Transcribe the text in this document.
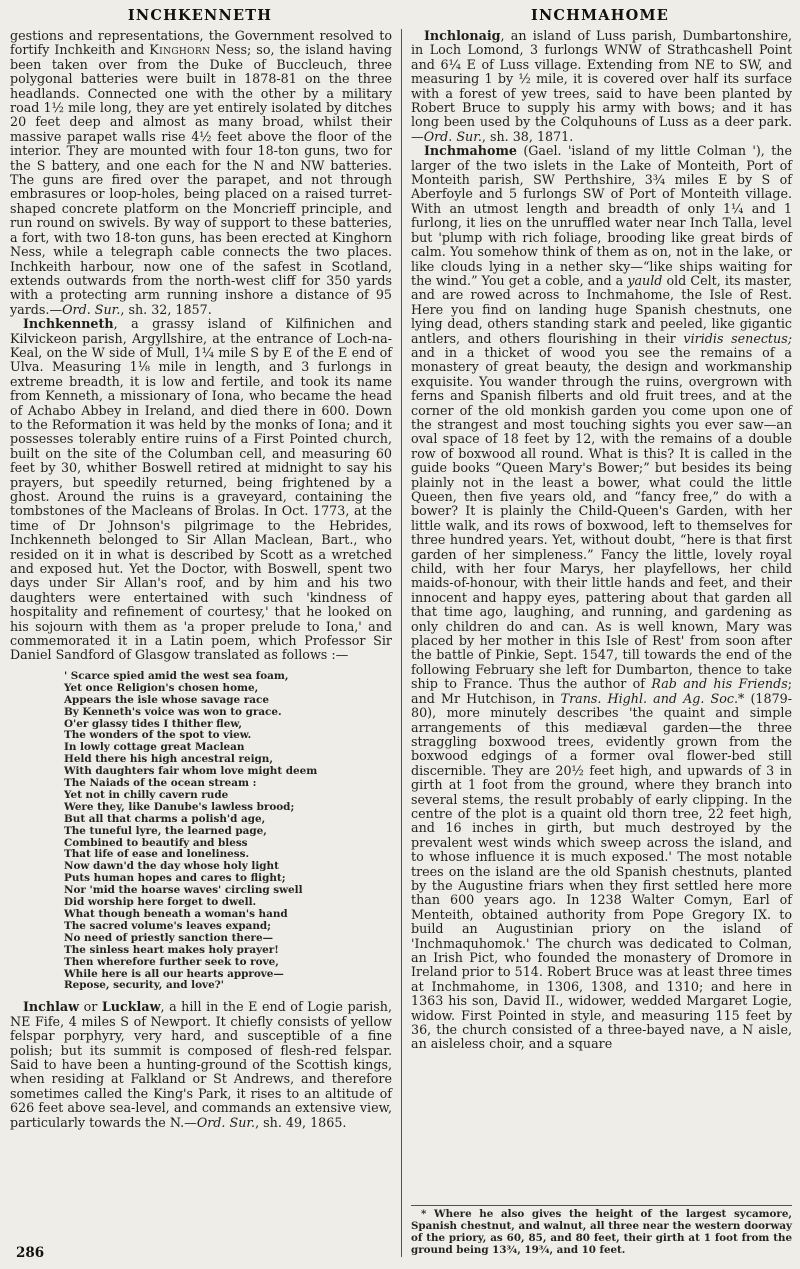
INCHKENNETH	INCHMAHOME

gestions and representations, the Government resolved to fortify Inchkeith and Kinghorn Ness; so, the island having been taken over from the Duke of Buccleuch, three polygonal batteries were built in 1878-81 on the three headlands. Connected one with the other by a military road 1½ mile long, they are yet entirely isolated by ditches 20 feet deep and almost as many broad, whilst their massive parapet walls rise 4½ feet above the floor of the interior. They are mounted with four 18-ton guns, two for the S battery, and one each for the N and NW batteries. The guns are fired over the parapet, and not through embrasures or loop-holes, being placed on a raised turret-shaped concrete platform on the Moncrieff principle, and run round on swivels. By way of support to these batteries, a fort, with two 18-ton guns, has been erected at Kinghorn Ness, while a telegraph cable connects the two places. Inchkeith harbour, now one of the safest in Scotland, extends outwards from the north-west cliff for 350 yards with a protecting arm running inshore a distance of 95 yards.—Ord. Sur., sh. 32, 1857.

Inchkenneth, a grassy island of Kilfinichen and Kilvickeon parish, Argyllshire, at the entrance of Loch-na-Keal, on the W side of Mull, 1¼ mile S by E of the E end of Ulva. Measuring 1⅛ mile in length, and 3 furlongs in extreme breadth, it is low and fertile, and took its name from Kenneth, a missionary of Iona, who became the head of Achabo Abbey in Ireland, and died there in 600. Down to the Reformation it was held by the monks of Iona; and it possesses tolerably entire ruins of a First Pointed church, built on the site of the Columban cell, and measuring 60 feet by 30, whither Boswell retired at midnight to say his prayers, but speedily returned, being frightened by a ghost. Around the ruins is a graveyard, containing the tombstones of the Macleans of Brolas. In Oct. 1773, at the time of Dr Johnson's pilgrimage to the Hebrides, Inchkenneth belonged to Sir Allan Maclean, Bart., who resided on it in what is described by Scott as a wretched and exposed hut. Yet the Doctor, with Boswell, spent two days under Sir Allan's roof, and by him and his two daughters were entertained with such 'kindness of hospitality and refinement of courtesy,' that he looked on his sojourn with them as 'a proper prelude to Iona,' and commemorated it in a Latin poem, which Professor Sir Daniel Sandford of Glasgow translated as follows :—

' Scarce spied amid the west sea foam,
Yet once Religion's chosen home,
Appears the isle whose savage race
By Kenneth's voice was won to grace.
O'er glassy tides I thither flew,
The wonders of the spot to view.
In lowly cottage great Maclean
Held there his high ancestral reign,
With daughters fair whom love might deem
The Naiads of the ocean stream :
Yet not in chilly cavern rude
Were they, like Danube's lawless brood;
But all that charms a polish'd age,
The tuneful lyre, the learned page,
Combined to beautify and bless
That life of ease and loneliness.
Now dawn'd the day whose holy light
Puts human hopes and cares to flight;
Nor 'mid the hoarse waves' circling swell
Did worship here forget to dwell.
What though beneath a woman's hand
The sacred volume's leaves expand;
No need of priestly sanction there—
The sinless heart makes holy prayer!
Then wherefore further seek to rove,
While here is all our hearts approve—
Repose, security, and love?'

Inchlaw or Lucklaw, a hill in the E end of Logie parish, NE Fife, 4 miles S of Newport. It chiefly consists of yellow felspar porphyry, very hard, and susceptible of a fine polish; but its summit is composed of flesh-red felspar. Said to have been a hunting-ground of the Scottish kings, when residing at Falkland or St Andrews, and therefore sometimes called the King's Park, it rises to an altitude of 626 feet above sea-level, and commands an extensive view, particularly towards the N.—Ord. Sur., sh. 49, 1865.

Inchlonaig, an island of Luss parish, Dumbartonshire, in Loch Lomond, 3 furlongs WNW of Strathcashell Point and 6¼ E of Luss village. Extending from NE to SW, and measuring 1 by ½ mile, it is covered over half its surface with a forest of yew trees, said to have been planted by Robert Bruce to supply his army with bows; and it has long been used by the Colquhouns of Luss as a deer park.—Ord. Sur., sh. 38, 1871.

Inchmahome (Gael. 'island of my little Colman '), the larger of the two islets in the Lake of Monteith, Port of Monteith parish, SW Perthshire, 3¾ miles E by S of Aberfoyle and 5 furlongs SW of Port of Monteith village. With an utmost length and breadth of only 1¼ and 1 furlong, it lies on the unruffled water near Inch Talla, level but 'plump with rich foliage, brooding like great birds of calm. You somehow think of them as on, not in the lake, or like clouds lying in a nether sky—“like ships waiting for the wind.” You get a coble, and a yauld old Celt, its master, and are rowed across to Inchmahome, the Isle of Rest. Here you find on landing huge Spanish chestnuts, one lying dead, others standing stark and peeled, like gigantic antlers, and others flourishing in their viridis senectus; and in a thicket of wood you see the remains of a monastery of great beauty, the design and workmanship exquisite. You wander through the ruins, overgrown with ferns and Spanish filberts and old fruit trees, and at the corner of the old monkish garden you come upon one of the strangest and most touching sights you ever saw—an oval space of 18 feet by 12, with the remains of a double row of boxwood all round. What is this? It is called in the guide books “Queen Mary's Bower;” but besides its being plainly not in the least a bower, what could the little Queen, then five years old, and “fancy free,” do with a bower? It is plainly the Child-Queen's Garden, with her little walk, and its rows of boxwood, left to themselves for three hundred years. Yet, without doubt, “here is that first garden of her simpleness.” Fancy the little, lovely royal child, with her four Marys, her playfellows, her child maids-of-honour, with their little hands and feet, and their innocent and happy eyes, pattering about that garden all that time ago, laughing, and running, and gardening as only children do and can. As is well known, Mary was placed by her mother in this Isle of Rest' from soon after the battle of Pinkie, Sept. 1547, till towards the end of the following February she left for Dumbarton, thence to take ship to France. Thus the author of Rab and his Friends; and Mr Hutchison, in Trans. Highl. and Ag. Soc.* (1879-80), more minutely describes 'the quaint and simple arrangements of this mediæval garden—the three straggling boxwood trees, evidently grown from the boxwood edgings of a former oval flower-bed still discernible. They are 20½ feet high, and upwards of 3 in girth at 1 foot from the ground, where they branch into several stems, the result probably of early clipping. In the centre of the plot is a quaint old thorn tree, 22 feet high, and 16 inches in girth, but much destroyed by the prevalent west winds which sweep across the island, and to whose influence it is much exposed.' The most notable trees on the island are the old Spanish chestnuts, planted by the Augustine friars when they first settled here more than 600 years ago. In 1238 Walter Comyn, Earl of Menteith, obtained authority from Pope Gregory IX. to build an Augustinian priory on the island of 'Inchmaquhomok.' The church was dedicated to Colman, an Irish Pict, who founded the monastery of Dromore in Ireland prior to 514. Robert Bruce was at least three times at Inchmahome, in 1306, 1308, and 1310; and here in 1363 his son, David II., widower, wedded Margaret Logie, widow. First Pointed in style, and measuring 115 feet by 36, the church consisted of a three-bayed nave, a N aisle, an aisleless choir, and a square

* Where he also gives the height of the largest sycamore, Spanish chestnut, and walnut, all three near the western doorway of the priory, as 60, 85, and 80 feet, their girth at 1 foot from the ground being 13¾, 19¾, and 10 feet.
286
